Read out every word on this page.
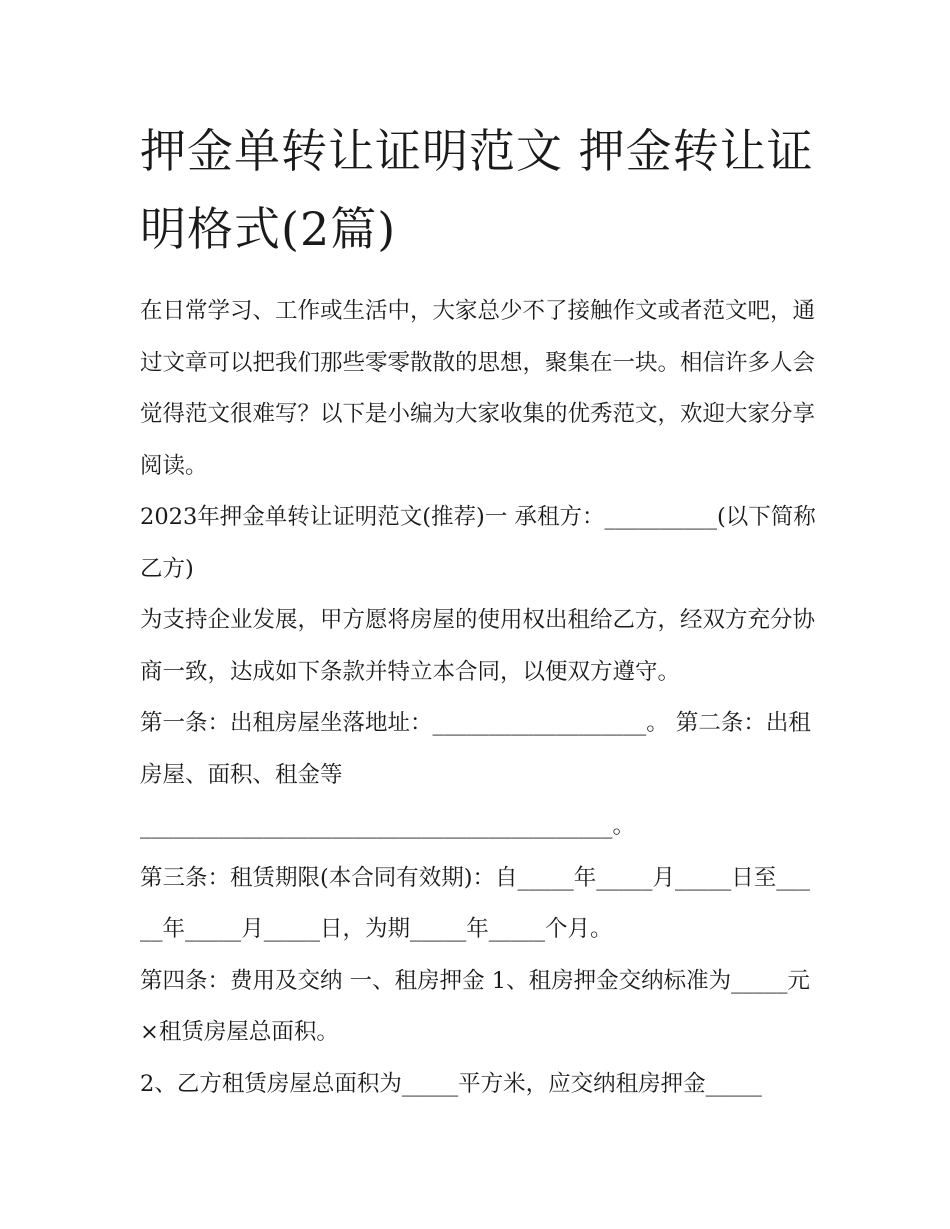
押金单转让证明范文 押金转让证明格式(2篇)

在日常学习、工作或生活中，大家总少不了接触作文或者范文吧，通过文章可以把我们那些零零散散的思想，聚集在一块。相信许多人会觉得范文很难写？以下是小编为大家收集的优秀范文，欢迎大家分享阅读。

2023年押金单转让证明范文(推荐)一 承租方：__________(以下简称乙方)

为支持企业发展，甲方愿将房屋的使用权出租给乙方，经双方充分协商一致，达成如下条款并特立本合同，以便双方遵守。

第一条：出租房屋坐落地址：___________________。 第二条：出租房屋、面积、租金等

__________________________________________。

第三条：租赁期限(本合同有效期)：自_____年_____月_____日至_____年_____月_____日，为期_____年_____个月。

第四条：费用及交纳 一、租房押金 1、租房押金交纳标准为_____元×租赁房屋总面积。

2、乙方租赁房屋总面积为_____平方米，应交纳租房押金_____
